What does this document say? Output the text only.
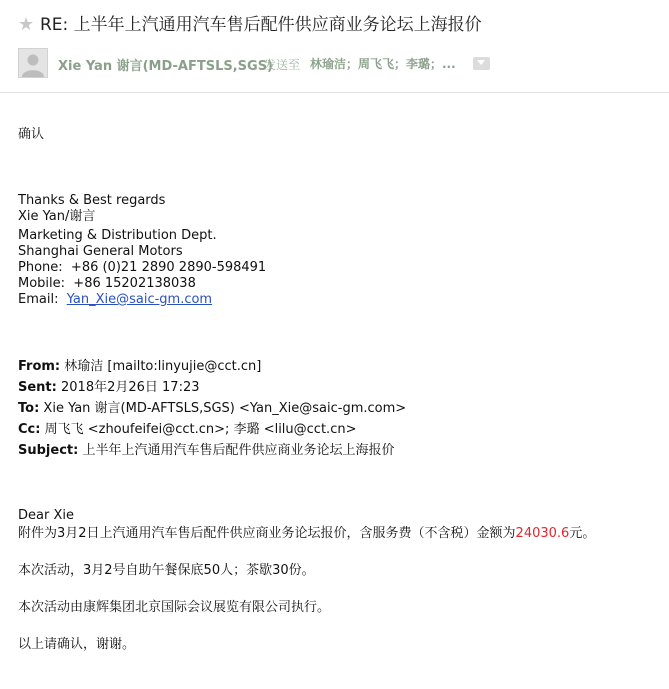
★ RE: 上半年上汽通用汽车售后配件供应商业务论坛上海报价
Xie Yan 谢言(MD-AFTSLS,SGS)
发送至 林瑜洁；周飞飞；李璐；...
确认
Thanks & Best regards
Xie Yan/谢言
Marketing & Distribution Dept.
Shanghai General Motors
Phone: +86 (0)21 2890 2890-598491
Mobile: +86 15202138038
Email: Yan_Xie@saic-gm.com
From: 林瑜洁 [mailto:linyujie@cct.cn]
Sent: 2018年2月26日 17:23
To: Xie Yan 谢言(MD-AFTSLS,SGS) <Yan_Xie@saic-gm.com>
Cc: 周飞飞 <zhoufeifei@cct.cn>; 李璐 <lilu@cct.cn>
Subject: 上半年上汽通用汽车售后配件供应商业务论坛上海报价
Dear Xie
附件为3月2日上汽通用汽车售后配件供应商业务论坛报价，含服务费（不含税）金额为24030.6元。
本次活动，3月2号自助午餐保底50人；茶歇30份。
本次活动由康辉集团北京国际会议展览有限公司执行。
以上请确认，谢谢。
